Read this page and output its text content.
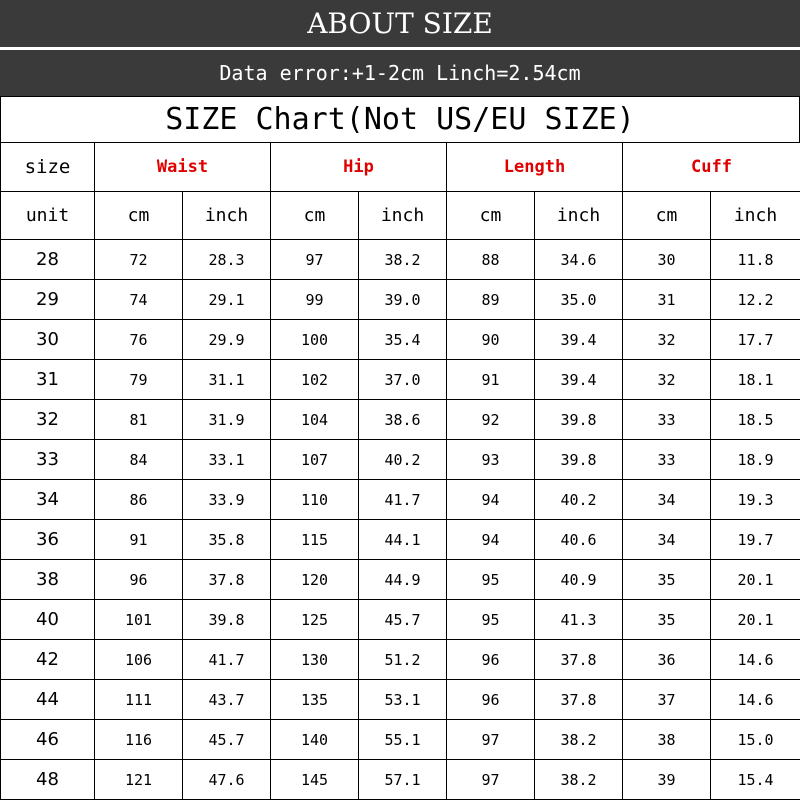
ABOUT SIZE
Data error:+1-2cm Linch=2.54cm
SIZE Chart(Not US/EU SIZE)
size	Waist		Hip		Length		Cuff	
unit	cm	inch	cm	inch	cm	inch	cm	inch
28	72	28.3	97	38.2	88	34.6	30	11.8
29	74	29.1	99	39.0	89	35.0	31	12.2
30	76	29.9	100	35.4	90	39.4	32	17.7
31	79	31.1	102	37.0	91	39.4	32	18.1
32	81	31.9	104	38.6	92	39.8	33	18.5
33	84	33.1	107	40.2	93	39.8	33	18.9
34	86	33.9	110	41.7	94	40.2	34	19.3
36	91	35.8	115	44.1	94	40.6	34	19.7
38	96	37.8	120	44.9	95	40.9	35	20.1
40	101	39.8	125	45.7	95	41.3	35	20.1
42	106	41.7	130	51.2	96	37.8	36	14.6
44	111	43.7	135	53.1	96	37.8	37	14.6
46	116	45.7	140	55.1	97	38.2	38	15.0
48	121	47.6	145	57.1	97	38.2	39	15.4
